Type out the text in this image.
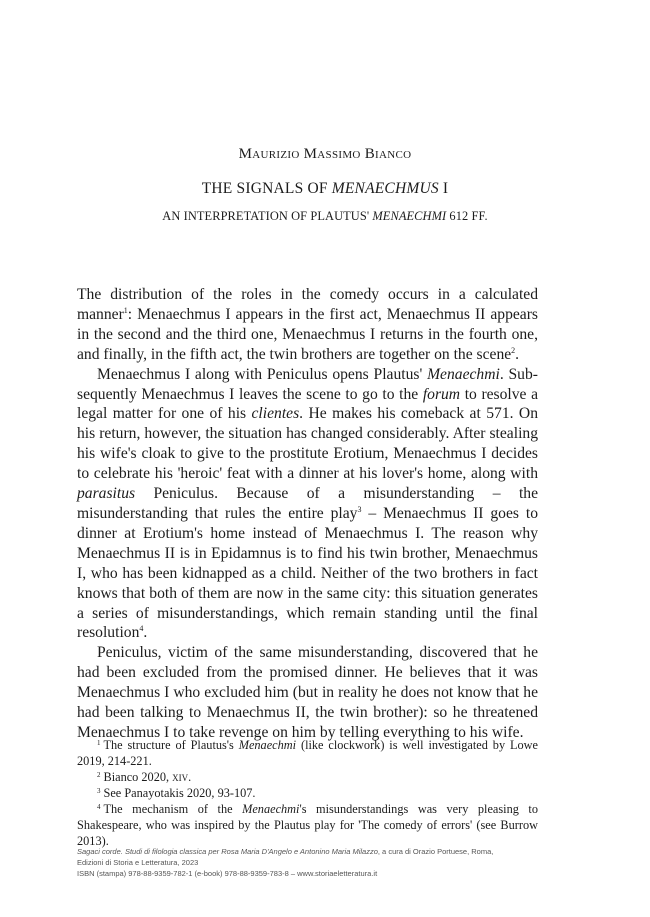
Maurizio Massimo Bianco
THE SIGNALS OF MENAECHMUS I
AN INTERPRETATION OF PLAUTUS' MENAECHMI 612 FF.

The distribution of the roles in the comedy occurs in a calculated manner$^1$: Menaechmus I appears in the first act, Menaechmus II appears in the second and the third one, Menaechmus I returns in the fourth one, and finally, in the fifth act, the twin brothers are together on the scene$^2$.

Menaechmus I along with Peniculus opens Plautus' Menaechmi. Subsequently Menaechmus I leaves the scene to go to the forum to resolve a legal matter for one of his clientes. He makes his comeback at 571. On his return, however, the situation has changed considerably. After stealing his wife's cloak to give to the prostitute Erotium, Menaechmus I decides to celebrate his 'heroic' feat with a dinner at his lover's home, along with parasitus Peniculus. Because of a misunderstanding – the misunderstanding that rules the entire play$^3$ – Menaechmus II goes to dinner at Erotium's home instead of Menaechmus I. The reason why Menaechmus II is in Epidamnus is to find his twin brother, Menaechmus I, who has been kidnapped as a child. Neither of the two brothers in fact knows that both of them are now in the same city: this situation generates a series of misunderstandings, which remain standing until the final resolution$^4$.

Peniculus, victim of the same misunderstanding, discovered that he had been excluded from the promised dinner. He believes that it was Menaechmus I who excluded him (but in reality he does not know that he had been talking to Menaechmus II, the twin brother): so he threatened Menaechmus I to take revenge on him by telling everything to his wife.

$^1$ The structure of Plautus's Menaechmi (like clockwork) is well investigated by Lowe 2019, 214-221.

$^2$ Bianco 2020, xiv.

$^3$ See Panayotakis 2020, 93-107.

$^4$ The mechanism of the Menaechmi's misunderstandings was very pleasing to Shakespeare, who was inspired by the Plautus play for 'The comedy of errors' (see Burrow 2013).

Sagaci corde. Studi di filologia classica per Rosa Maria D'Angelo e Antonino Maria Milazzo, a cura di Orazio Portuese, Roma,
Edizioni di Storia e Letteratura, 2023
ISBN (stampa) 978-88-9359-782-1 (e-book) 978-88-9359-783-8 – www.storiaeletteratura.it
